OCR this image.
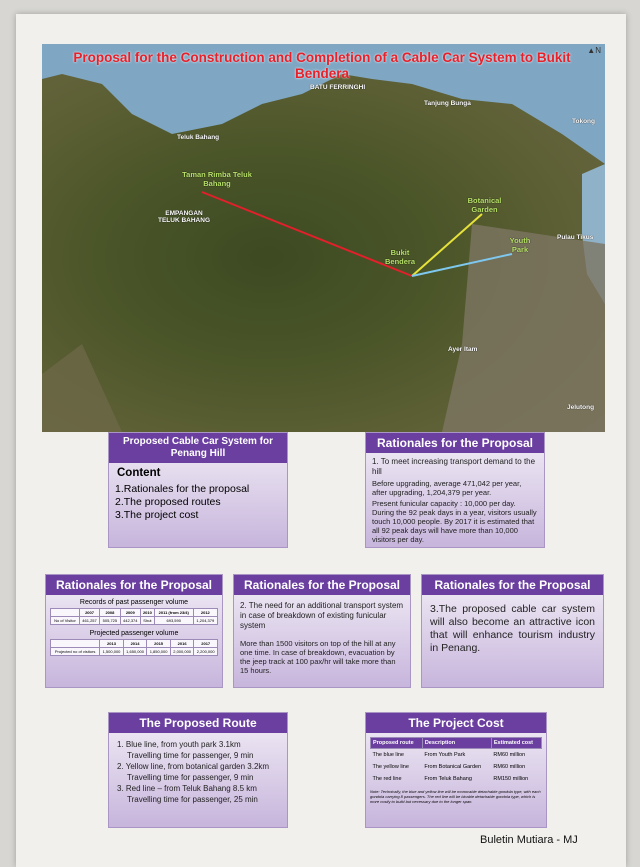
Proposal for the Construction and Completion of a Cable Car System to Bukit Bendera
▲N
BATU FERRINGHI
Tanjung Bunga
Tokong
Teluk Bahang
Taman Rimba Teluk Bahang
EMPANGAN TELUK BAHANG
Botanical Garden
Youth Park
Bukit Bendera
Pulau Tikus
Ayer Itam
Jelutong
Proposed Cable Car System for Penang Hill
Content
1.Rationales for the proposal
2.The proposed routes
3.The project cost
Rationales for the Proposal
1. To meet increasing transport demand to the hill
Before upgrading, average 471,042 per year, after upgrading, 1,204,379 per year.
Present funicular capacity : 10,000 per day. During the 92 peak days in a year, visitors usually touch 10,000 people. By 2017 it is estimated that all 92 peak days will have more than 10,000 visitors per day.
Rationales for the Proposal
Records of past passenger volume
	2007	2008	2009	2010	2011 (from 23/4)	2012
No of Visitor	461,257	505,725	442,374	Shut	693,590	1,204,379
Projected passenger volume
	2013	2014	2015	2016	2017
Projected no of visitors	1,500,000	1,650,000	1,850,000	2,000,000	2,200,000
Rationales for the Proposal
2. The need for an additional transport system in case of breakdown of existing funicular system
More than 1500 visitors on top of the hill at any one time. In case of breakdown, evacuation by the jeep track at 100 pax/hr will take more than 15 hours.
Rationales for the Proposal
3.The proposed cable car system will also become an attractive icon that will enhance tourism industry in Penang.
The Proposed Route
1. Blue line, from youth park 3.1km
Travelling time for passenger, 9 min
2. Yellow line, from botanical garden 3.2km
Travelling time for passenger, 9 min
3. Red line – from Teluk Bahang 8.5 km
Travelling time for passenger, 25 min
The Project Cost
Proposed route	Description	Estimated cost
The blue line	From Youth Park	RM60 million
The yellow line	From Botanical Garden	RM60 million
The red line	From Teluk Bahang	RM150 million
Note: Technically, the blue and yellow line will be monocable detachable gondola type, with each gondola carrying 8 passengers. The red line will be bicable detachable gondola type, which is more costly to build but necessary due to the longer span.
Buletin Mutiara - MJ
